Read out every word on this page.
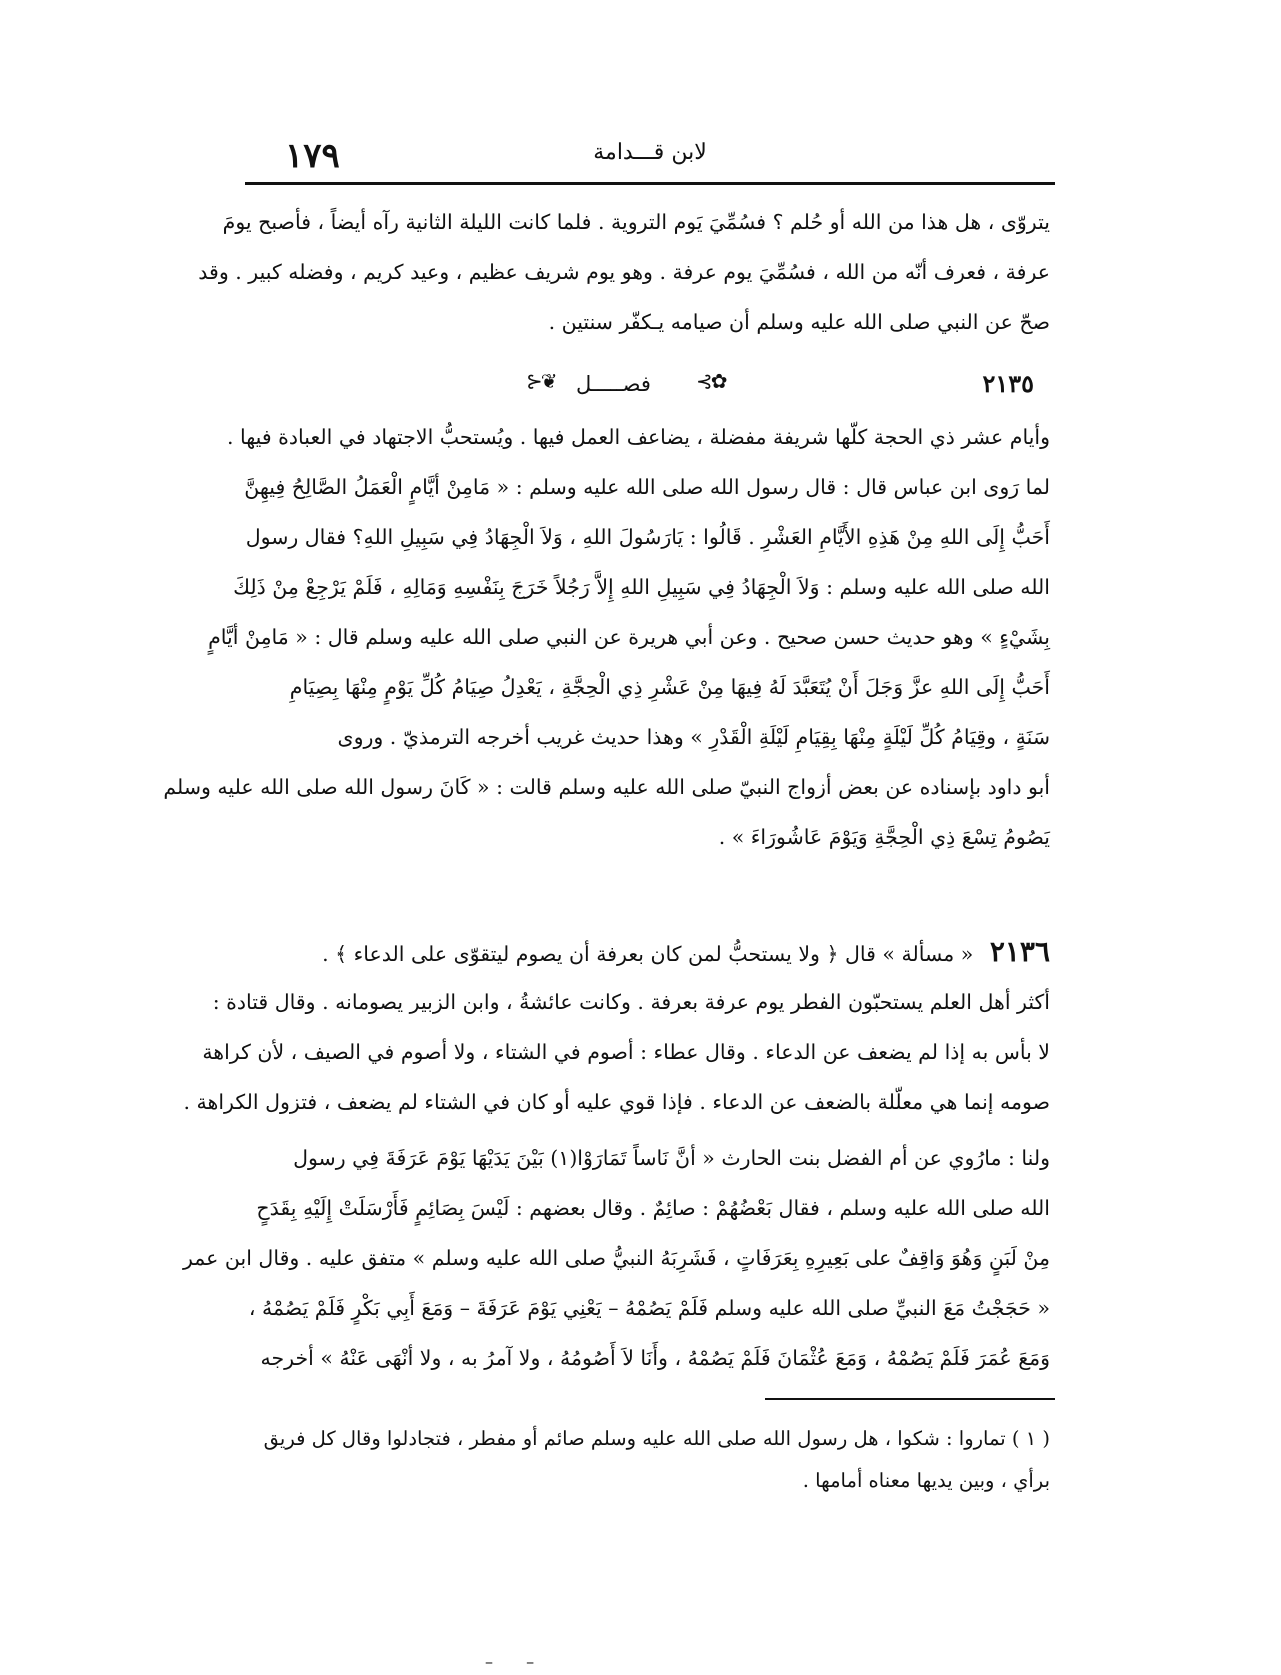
١٧٩	لابن قـــدامة
يتروّى ، هل هذا من الله أو حُلم ؟ فسُمِّيَ يَوم التروية . فلما كانت الليلة الثانية رآه أيضاً ، فأصبح يومَ
عرفة ، فعرف أنّه من الله ، فسُمِّيَ يوم عرفة . وهو يوم شريف عظيم ، وعيد كريم ، وفضله كبير . وقد
صحّ عن النبي صلى الله عليه وسلم أن صيامه يـكفّر سنتين .
٢١٣٥
❦⊰ فصـــــل ✿⊱
وأيام عشر ذي الحجة كلّها شريفة مفضلة ، يضاعف العمل فيها . ويُستحبُّ الاجتهاد في العبادة فيها .
لما رَوى ابن عباس قال : قال رسول الله صلى الله عليه وسلم : « مَامِنْ أيَّامٍ الْعَمَلُ الصَّالِحُ فِيهِنَّ
أَحَبُّ إِلَى اللهِ مِنْ هَذِهِ الأَيَّامِ العَشْرِ . قَالُوا : يَارَسُولَ اللهِ ، وَلاَ الْجِهَادُ فِي سَبِيلِ اللهِ؟ فقال رسول
الله صلى الله عليه وسلم : وَلاَ الْجِهَادُ فِي سَبِيلِ اللهِ إِلاَّ رَجُلاً خَرَجَ بِنَفْسِهِ وَمَالِهِ ، فَلَمْ يَرْجِعْ مِنْ ذَلِكَ
بِشَيْءٍ » وهو حديث حسن صحيح . وعن أبي هريرة عن النبي صلى الله عليه وسلم قال : « مَامِنْ أيَّامٍ
أَحَبُّ إِلَى اللهِ عزَّ وَجَلَ أَنْ يُتَعَبَّدَ لَهُ فِيهَا مِنْ عَشْرِ ذِي الْحِجَّةِ ، يَعْدِلُ صِيَامُ كُلِّ يَوْمٍ مِنْهَا بِصِيَامِ
سَنَةٍ ، وقِيَامُ كُلِّ لَيْلَةٍ مِنْهَا بِقِيَامِ لَيْلَةِ الْقَدْرِ » وهذا حديث غريب أخرجه الترمذيّ . وروى
أبو داود بإسناده عن بعض أزواج النبيّ صلى الله عليه وسلم قالت : « كَانَ رسول الله صلى الله عليه وسلم
يَصُومُ تِسْعَ ذِي الْحِجَّةِ وَيَوْمَ عَاشُورَاءَ » .
٢١٣٦ « مسألة » قال ﴿ ولا يستحبُّ لمن كان بعرفة أن يصوم ليتقوّى على الدعاء ﴾ .
أكثر أهل العلم يستحبّون الفطر يوم عرفة بعرفة . وكانت عائشةُ ، وابن الزبير يصومانه . وقال قتادة :
لا بأس به إذا لم يضعف عن الدعاء . وقال عطاء : أصوم في الشتاء ، ولا أصوم في الصيف ، لأن كراهة
صومه إنما هي معلّلة بالضعف عن الدعاء . فإذا قوي عليه أو كان في الشتاء لم يضعف ، فتزول الكراهة .
ولنا : مارُوي عن أم الفضل بنت الحارث « أنَّ نَاساً تَمَارَوْا(١) بَيْنَ يَدَيْهَا يَوْمَ عَرَفَةَ فِي رسول
الله صلى الله عليه وسلم ، فقال بَعْضُهُمْ : صائِمٌ . وقال بعضهم : لَيْسَ بِصَائِمٍ فَأَرْسَلَتْ إِلَيْهِ بِقَدَحٍ
مِنْ لَبَنٍ وَهُوَ وَاقِفٌ على بَعِيرِهِ بِعَرَفَاتٍ ، فَشَرِبَهُ النبيُّ صلى الله عليه وسلم » متفق عليه . وقال ابن عمر
« حَجَجْتُ مَعَ النبيِّ صلى الله عليه وسلم فَلَمْ يَصُمْهُ – يَعْنِي يَوْمَ عَرَفَةَ – وَمَعَ أَبِي بَكْرٍ فَلَمْ يَصُمْهُ ،
وَمَعَ عُمَرَ فَلَمْ يَصُمْهُ ، وَمَعَ عُثْمَانَ فَلَمْ يَصُمْهُ ، وأَنَا لاَ أَصُومُهُ ، ولا آمرُ به ، ولا أنْهَى عَنْهُ » أخرجه
( ١ ) تماروا : شكوا ، هل رسول الله صلى الله عليه وسلم صائم أو مفطر ، فتجادلوا وقال كل فريق
برأي ، وبين يديها معناه أمامها .
– –
